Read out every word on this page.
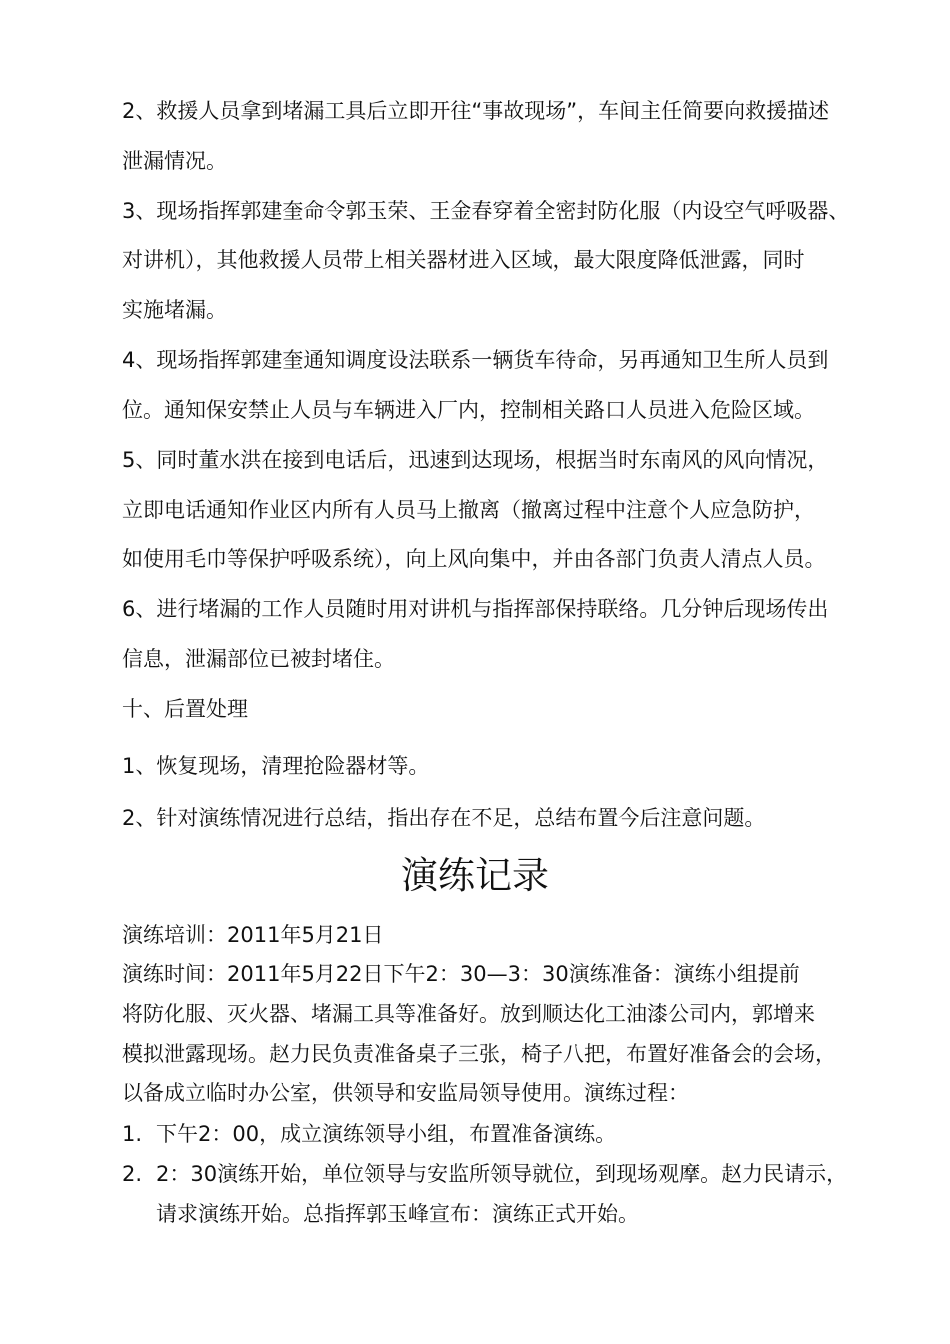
2、救援人员拿到堵漏工具后立即开往“事故现场”，车间主任简要向救援描述
泄漏情况。
3、现场指挥郭建奎命令郭玉荣、王金春穿着全密封防化服（内设空气呼吸器、
对讲机），其他救援人员带上相关器材进入区域，最大限度降低泄露，同时
实施堵漏。
4、现场指挥郭建奎通知调度设法联系一辆货车待命，另再通知卫生所人员到
位。通知保安禁止人员与车辆进入厂内，控制相关路口人员进入危险区域。
5、同时董水洪在接到电话后，迅速到达现场，根据当时东南风的风向情况，
立即电话通知作业区内所有人员马上撤离（撤离过程中注意个人应急防护，
如使用毛巾等保护呼吸系统），向上风向集中，并由各部门负责人清点人员。
6、进行堵漏的工作人员随时用对讲机与指挥部保持联络。几分钟后现场传出
信息，泄漏部位已被封堵住。
十、后置处理
1、恢复现场，清理抢险器材等。
2、针对演练情况进行总结，指出存在不足，总结布置今后注意问题。
演练记录
演练培训：2011年5月21日
演练时间：2011年5月22日下午2：30—3：30演练准备：演练小组提前
将防化服、灭火器、堵漏工具等准备好。放到顺达化工油漆公司内，郭增来
模拟泄露现场。赵力民负责准备桌子三张，椅子八把，布置好准备会的会场，
以备成立临时办公室，供领导和安监局领导使用。演练过程：
1. 下午2：00，成立演练领导小组，布置准备演练。
2. 2：30演练开始，单位领导与安监所领导就位，到现场观摩。赵力民请示，
请求演练开始。总指挥郭玉峰宣布：演练正式开始。
